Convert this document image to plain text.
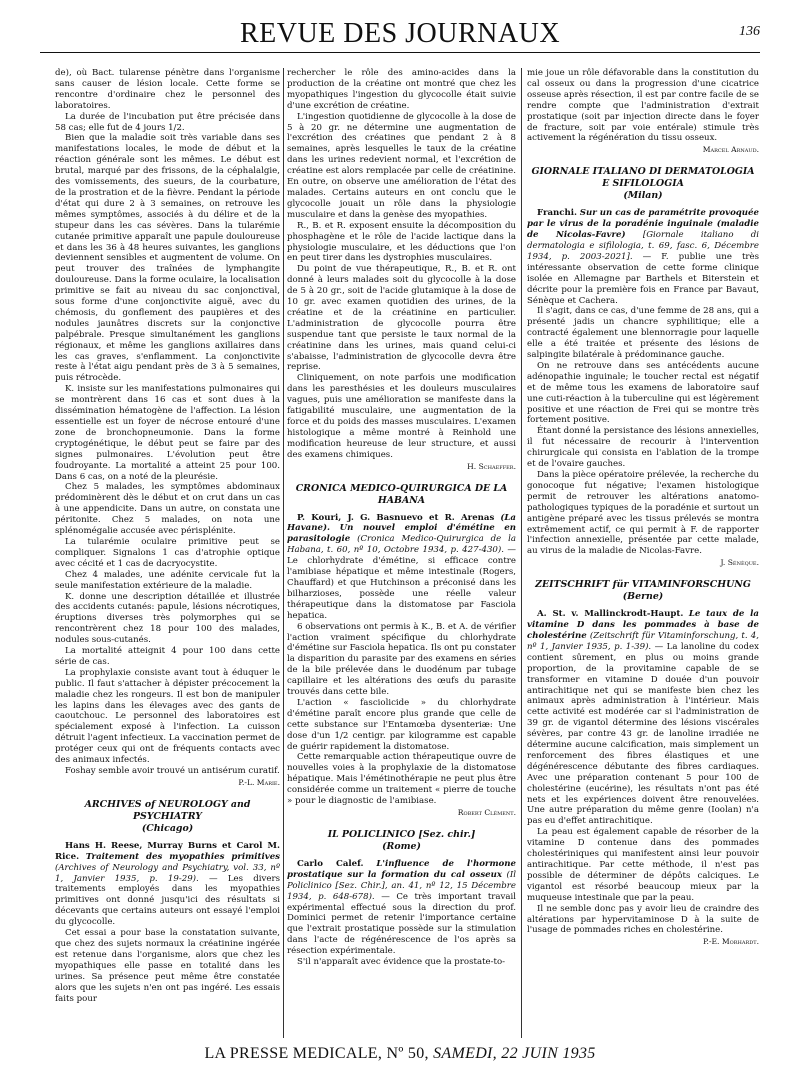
REVUE DES JOURNAUX	136

de), où Bact. tularense pénètre dans l'organisme sans causer de lésion locale. Cette forme se rencontre d'ordinaire chez le personnel des laboratoires.

La durée de l'incubation put être précisée dans 58 cas; elle fut de 4 jours 1/2.

Bien que la maladie soit très variable dans ses manifestations locales, le mode de début et la réaction générale sont les mêmes. Le début est brutal, marqué par des frissons, de la céphalalgie, des vomissements, des sueurs, de la courbature, de la prostration et de la fièvre. Pendant la période d'état qui dure 2 à 3 semaines, on retrouve les mêmes symptômes, associés à du délire et de la stupeur dans les cas sévères. Dans la tularémie cutanée primitive apparaît une papule douloureuse et dans les 36 à 48 heures suivantes, les ganglions deviennent sensibles et augmentent de volume. On peut trouver des traînées de lymphangite douloureuse. Dans la forme oculaire, la localisation primitive se fait au niveau du sac conjonctival, sous forme d'une conjonctivite aiguë, avec du chémosis, du gonflement des paupières et des nodules jaunâtres discrets sur la conjonctive palpébrale. Presque simultanément les ganglions régionaux, et même les ganglions axillaires dans les cas graves, s'enflamment. La conjonctivite reste à l'état aigu pendant près de 3 à 5 semaines, puis rétrocède.

K. insiste sur les manifestations pulmonaires qui se montrèrent dans 16 cas et sont dues à la dissémination hématogène de l'affection. La lésion essentielle est un foyer de nécrose entouré d'une zone de bronchopneumonie. Dans la forme cryptogénétique, le début peut se faire par des signes pulmonaires. L'évolution peut être foudroyante. La mortalité a atteint 25 pour 100. Dans 6 cas, on a noté de la pleurésie.

Chez 5 malades, les symptômes abdominaux prédominèrent dès le début et on crut dans un cas à une appendicite. Dans un autre, on constata une péritonite. Chez 5 malades, on nota une splénomégalie accusée avec périsplénite.

La tularémie oculaire primitive peut se compliquer. Signalons 1 cas d'atrophie optique avec cécité et 1 cas de dacryocystite.

Chez 4 malades, une adénite cervicale fut la seule manifestation extérieure de la maladie.

K. donne une description détaillée et illustrée des accidents cutanés: papule, lésions nécrotiques, éruptions diverses très polymorphes qui se rencontrèrent chez 18 pour 100 des malades, nodules sous-cutanés.

La mortalité atteignit 4 pour 100 dans cette série de cas.

La prophylaxie consiste avant tout à éduquer le public. Il faut s'attacher à dépister précocement la maladie chez les rongeurs. Il est bon de manipuler les lapins dans les élevages avec des gants de caoutchouc. Le personnel des laboratoires est spécialement exposé à l'infection. La cuisson détruit l'agent infectieux. La vaccination permet de protéger ceux qui ont de fréquents contacts avec des animaux infectés.

Foshay semble avoir trouvé un antisérum curatif.

P.-L. Marie.
ARCHIVES of NEUROLOGY and PSYCHIATRY
(Chicago)

Hans H. Reese, Murray Burns et Carol M. Rice. Traitement des myopathies primitives (Archives of Neurology and Psychiatry, vol. 33, nº 1, Janvier 1935, p. 19-29). — Les divers traitements employés dans les myopathies primitives ont donné jusqu'ici des résultats si décevants que certains auteurs ont essayé l'emploi du glycocolle.

Cet essai a pour base la constatation suivante, que chez des sujets normaux la créatinine ingérée est retenue dans l'organisme, alors que chez les myopathiques elle passe en totalité dans les urines. Sa présence peut même être constatée alors que les sujets n'en ont pas ingéré. Les essais faits pour

rechercher le rôle des amino-acides dans la production de la créatine ont montré que chez les myopathiques l'ingestion du glycocolle était suivie d'une excrétion de créatine.

L'ingestion quotidienne de glycocolle à la dose de 5 à 20 gr. ne détermine une augmentation de l'excrétion des créatines que pendant 2 à 8 semaines, après lesquelles le taux de la créatine dans les urines redevient normal, et l'excrétion de créatine est alors remplacée par celle de créatinine. En outre, on observe une amélioration de l'état des malades. Certains auteurs en ont conclu que le glycocolle jouait un rôle dans la physiologie musculaire et dans la genèse des myopathies.

R., B. et R. exposent ensuite la décomposition du phosphagène et le rôle de l'acide lactique dans la physiologie musculaire, et les déductions que l'on en peut tirer dans les dystrophies musculaires.

Du point de vue thérapeutique, R., B. et R. ont donné à leurs malades soit du glycocolle à la dose de 5 à 20 gr., soit de l'acide glutamique à la dose de 10 gr. avec examen quotidien des urines, de la créatine et de la créatinine en particulier. L'administration de glycocolle pourra être suspendue tant que persiste le taux normal de la créatinine dans les urines, mais quand celui-ci s'abaisse, l'administration de glycocolle devra être reprise.

Cliniquement, on note parfois une modification dans les paresthésies et les douleurs musculaires vagues, puis une amélioration se manifeste dans la fatigabilité musculaire, une augmentation de la force et du poids des masses musculaires. L'examen histologique a même montré à Reinhold une modification heureuse de leur structure, et aussi des examens chimiques.

H. Schaeffer.
CRONICA MEDICO-QUIRURGICA DE LA HABANA

P. Kouri, J. G. Basnuevo et R. Arenas (La Havane). Un nouvel emploi d'émétine en parasitologie (Cronica Medico-Quirurgica de la Habana, t. 60, nº 10, Octobre 1934, p. 427-430). — Le chlorhydrate d'émétine, si efficace contre l'amibiase hépatique et même intestinale (Rogers, Chauffard) et que Hutchinson a préconisé dans les bilharzioses, possède une réelle valeur thérapeutique dans la distomatose par Fasciola hepatica.

6 observations ont permis à K., B. et A. de vérifier l'action vraiment spécifique du chlorhydrate d'émétine sur Fasciola hepatica. Ils ont pu constater la disparition du parasite par des examens en séries de la bile prélevée dans le duodénum par tubage capillaire et les altérations des œufs du parasite trouvés dans cette bile.

L'action « fasciolicide » du chlorhydrate d'émétine paraît encore plus grande que celle de cette substance sur l'Entamœba dysenteriæ: Une dose d'un 1/2 centigr. par kilogramme est capable de guérir rapidement la distomatose.

Cette remarquable action thérapeutique ouvre de nouvelles voies à la prophylaxie de la distomatose hépatique. Mais l'émétinothérapie ne peut plus être considérée comme un traitement « pierre de touche » pour le diagnostic de l'amibiase.

Robert Clément.
IL POLICLINICO [Sez. chir.]
(Rome)

Carlo Calef. L'influence de l'hormone prostatique sur la formation du cal osseux (Il Policlinico [Sez. Chir.], an. 41, nº 12, 15 Décembre 1934, p. 648-678). — Ce très important travail expérimental effectué sous la direction du prof. Dominici permet de retenir l'importance certaine que l'extrait prostatique possède sur la stimulation dans l'acte de régénérescence de l'os après sa résection expérimentale.

S'il n'apparaît avec évidence que la prostate-to-

mie joue un rôle défavorable dans la constitution du cal osseux ou dans la progression d'une cicatrice osseuse après résection, il est par contre facile de se rendre compte que l'administration d'extrait prostatique (soit par injection directe dans le foyer de fracture, soit par voie entérale) stimule très activement la régénération du tissu osseux.

Marcel Arnaud.
GIORNALE ITALIANO DI DERMATOLOGIA E SIFILOLOGIA
(Milan)

Franchi. Sur un cas de paramétrite provoquée par le virus de la poradénie inguinale (maladie de Nicolas-Favre) [Giornale italiano di dermatologia e sifilologia, t. 69, fasc. 6, Décembre 1934, p. 2003-2021]. — F. publie une très intéressante observation de cette forme clinique isolée en Allemagne par Barthels et Biterstein et décrite pour la première fois en France par Bavaut, Sénèque et Cachera.

Il s'agit, dans ce cas, d'une femme de 28 ans, qui a présenté jadis un chancre syphilitique; elle a contracté également une blennorragie pour laquelle elle a été traitée et présente des lésions de salpingite bilatérale à prédominance gauche.

On ne retrouve dans ses antécédents aucune adénopathie inguinale; le toucher rectal est négatif et de même tous les examens de laboratoire sauf une cuti-réaction à la tuberculine qui est légèrement positive et une réaction de Frei qui se montre très fortement positive.

Étant donné la persistance des lésions annexielles, il fut nécessaire de recourir à l'intervention chirurgicale qui consista en l'ablation de la trompe et de l'ovaire gauches.

Dans la pièce opératoire prélevée, la recherche du gonocoque fut négative; l'examen histologique permit de retrouver les altérations anatomo-pathologiques typiques de la poradénie et surtout un antigène préparé avec les tissus prélevés se montra extrêmement actif, ce qui permit à F. de rapporter l'infection annexielle, présentée par cette malade, au virus de la maladie de Nicolas-Favre.

J. Sénèque.
ZEITSCHRIFT für VITAMINFORSCHUNG
(Berne)

A. St. v. Mallinckrodt-Haupt. Le taux de la vitamine D dans les pommades à base de cholestérine (Zeitschrift für Vitaminforschung, t. 4, nº 1, Janvier 1935, p. 1-39). — La lanoline du codex contient sûrement, en plus ou moins grande proportion, de la provitamine capable de se transformer en vitamine D douée d'un pouvoir antirachitique net qui se manifeste bien chez les animaux après administration à l'intérieur. Mais cette activité est modérée car si l'administration de 39 gr. de vigantol détermine des lésions viscérales sévères, par contre 43 gr. de lanoline irradiée ne détermine aucune calcification, mais simplement un renforcement des fibres élastiques et une dégénérescence débutante des fibres cardiaques. Avec une préparation contenant 5 pour 100 de cholestérine (eucérine), les résultats n'ont pas été nets et les expériences doivent être renouvelées. Une autre préparation du même genre (Ioolan) n'a pas eu d'effet antirachitique.

La peau est également capable de résorber de la vitamine D contenue dans des pommades cholestériniques qui manifestent ainsi leur pouvoir antirachitique. Par cette méthode, il n'est pas possible de déterminer de dépôts calciques. Le vigantol est résorbé beaucoup mieux par la muqueuse intestinale que par la peau.

Il ne semble donc pas y avoir lieu de craindre des altérations par hypervitaminose D à la suite de l'usage de pommades riches en cholestérine.

P.-E. Morhardt.
LA PRESSE MEDICALE, Nº 50, SAMEDI, 22 JUIN 1935
